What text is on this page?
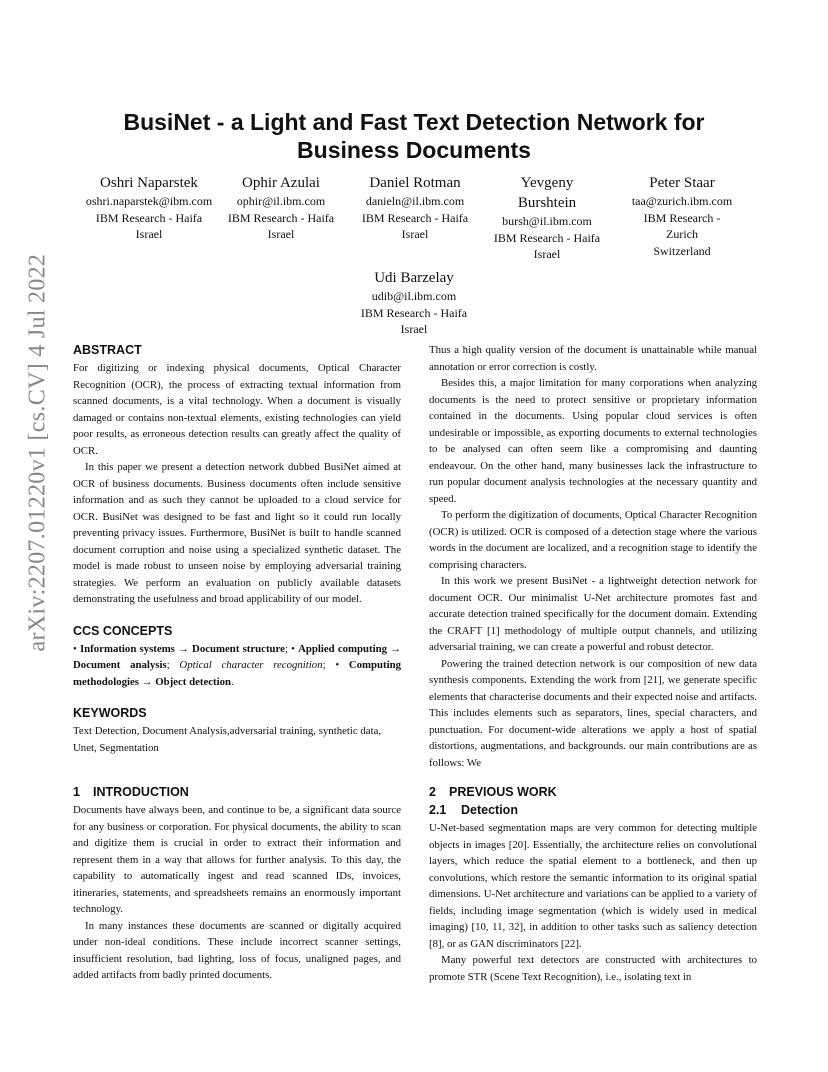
arXiv:2207.01220v1 [cs.CV] 4 Jul 2022
BusiNet - a Light and Fast Text Detection Network for Business Documents
Oshri Naparstek
oshri.naparstek@ibm.com
IBM Research - Haifa
Israel
Ophir Azulai
ophir@il.ibm.com
IBM Research - Haifa
Israel
Daniel Rotman
danieln@il.ibm.com
IBM Research - Haifa
Israel
Yevgeny Burshtein
bursh@il.ibm.com
IBM Research - Haifa
Israel
Peter Staar
taa@zurich.ibm.com
IBM Research - Zurich
Switzerland
Udi Barzelay
udib@il.ibm.com
IBM Research - Haifa
Israel
ABSTRACT

For digitizing or indexing physical documents, Optical Character Recognition (OCR), the process of extracting textual information from scanned documents, is a vital technology. When a document is visually damaged or contains non-textual elements, existing technologies can yield poor results, as erroneous detection results can greatly affect the quality of OCR.

In this paper we present a detection network dubbed BusiNet aimed at OCR of business documents. Business documents often include sensitive information and as such they cannot be uploaded to a cloud service for OCR. BusiNet was designed to be fast and light so it could run locally preventing privacy issues. Furthermore, BusiNet is built to handle scanned document corruption and noise using a specialized synthetic dataset. The model is made robust to unseen noise by employing adversarial training strategies. We perform an evaluation on publicly available datasets demonstrating the usefulness and broad applicability of our model.

CCS CONCEPTS

• Information systems → Document structure; • Applied computing → Document analysis; Optical character recognition; • Computing methodologies → Object detection.

KEYWORDS

Text Detection, Document Analysis,adversarial training, synthetic data, Unet, Segmentation

1 INTRODUCTION

Documents have always been, and continue to be, a significant data source for any business or corporation. For physical documents, the ability to scan and digitize them is crucial in order to extract their information and represent them in a way that allows for further analysis. To this day, the capability to automatically ingest and read scanned IDs, invoices, itineraries, statements, and spreadsheets remains an enormously important technology.

In many instances these documents are scanned or digitally acquired under non-ideal conditions. These include incorrect scanner settings, insufficient resolution, bad lighting, loss of focus, unaligned pages, and added artifacts from badly printed documents.

Thus a high quality version of the document is unattainable while manual annotation or error correction is costly.

Besides this, a major limitation for many corporations when analyzing documents is the need to protect sensitive or proprietary information contained in the documents. Using popular cloud services is often undesirable or impossible, as exporting documents to external technologies to be analysed can often seem like a compromising and daunting endeavour. On the other hand, many businesses lack the infrastructure to run popular document analysis technologies at the necessary quantity and speed.

To perform the digitization of documents, Optical Character Recognition (OCR) is utilized. OCR is composed of a detection stage where the various words in the document are localized, and a recognition stage to identify the comprising characters.

In this work we present BusiNet - a lightweight detection network for document OCR. Our minimalist U-Net architecture promotes fast and accurate detection trained specifically for the document domain. Extending the CRAFT [1] methodology of multiple output channels, and utilizing adversarial training, we can create a powerful and robust detector.

Powering the trained detection network is our composition of new data synthesis components. Extending the work from [21], we generate specific elements that characterise documents and their expected noise and artifacts. This includes elements such as separators, lines, special characters, and punctuation. For document-wide alterations we apply a host of spatial distortions, augmentations, and backgrounds. our main contributions are as follows: We

2 PREVIOUS WORK
2.1 Detection

U-Net-based segmentation maps are very common for detecting multiple objects in images [20]. Essentially, the architecture relies on convolutional layers, which reduce the spatial element to a bottleneck, and then up convolutions, which restore the semantic information to its original spatial dimensions. U-Net architecture and variations can be applied to a variety of fields, including image segmentation (which is widely used in medical imaging) [10, 11, 32], in addition to other tasks such as saliency detection [8], or as GAN discriminators [22].

Many powerful text detectors are constructed with architectures to promote STR (Scene Text Recognition), i.e., isolating text in
